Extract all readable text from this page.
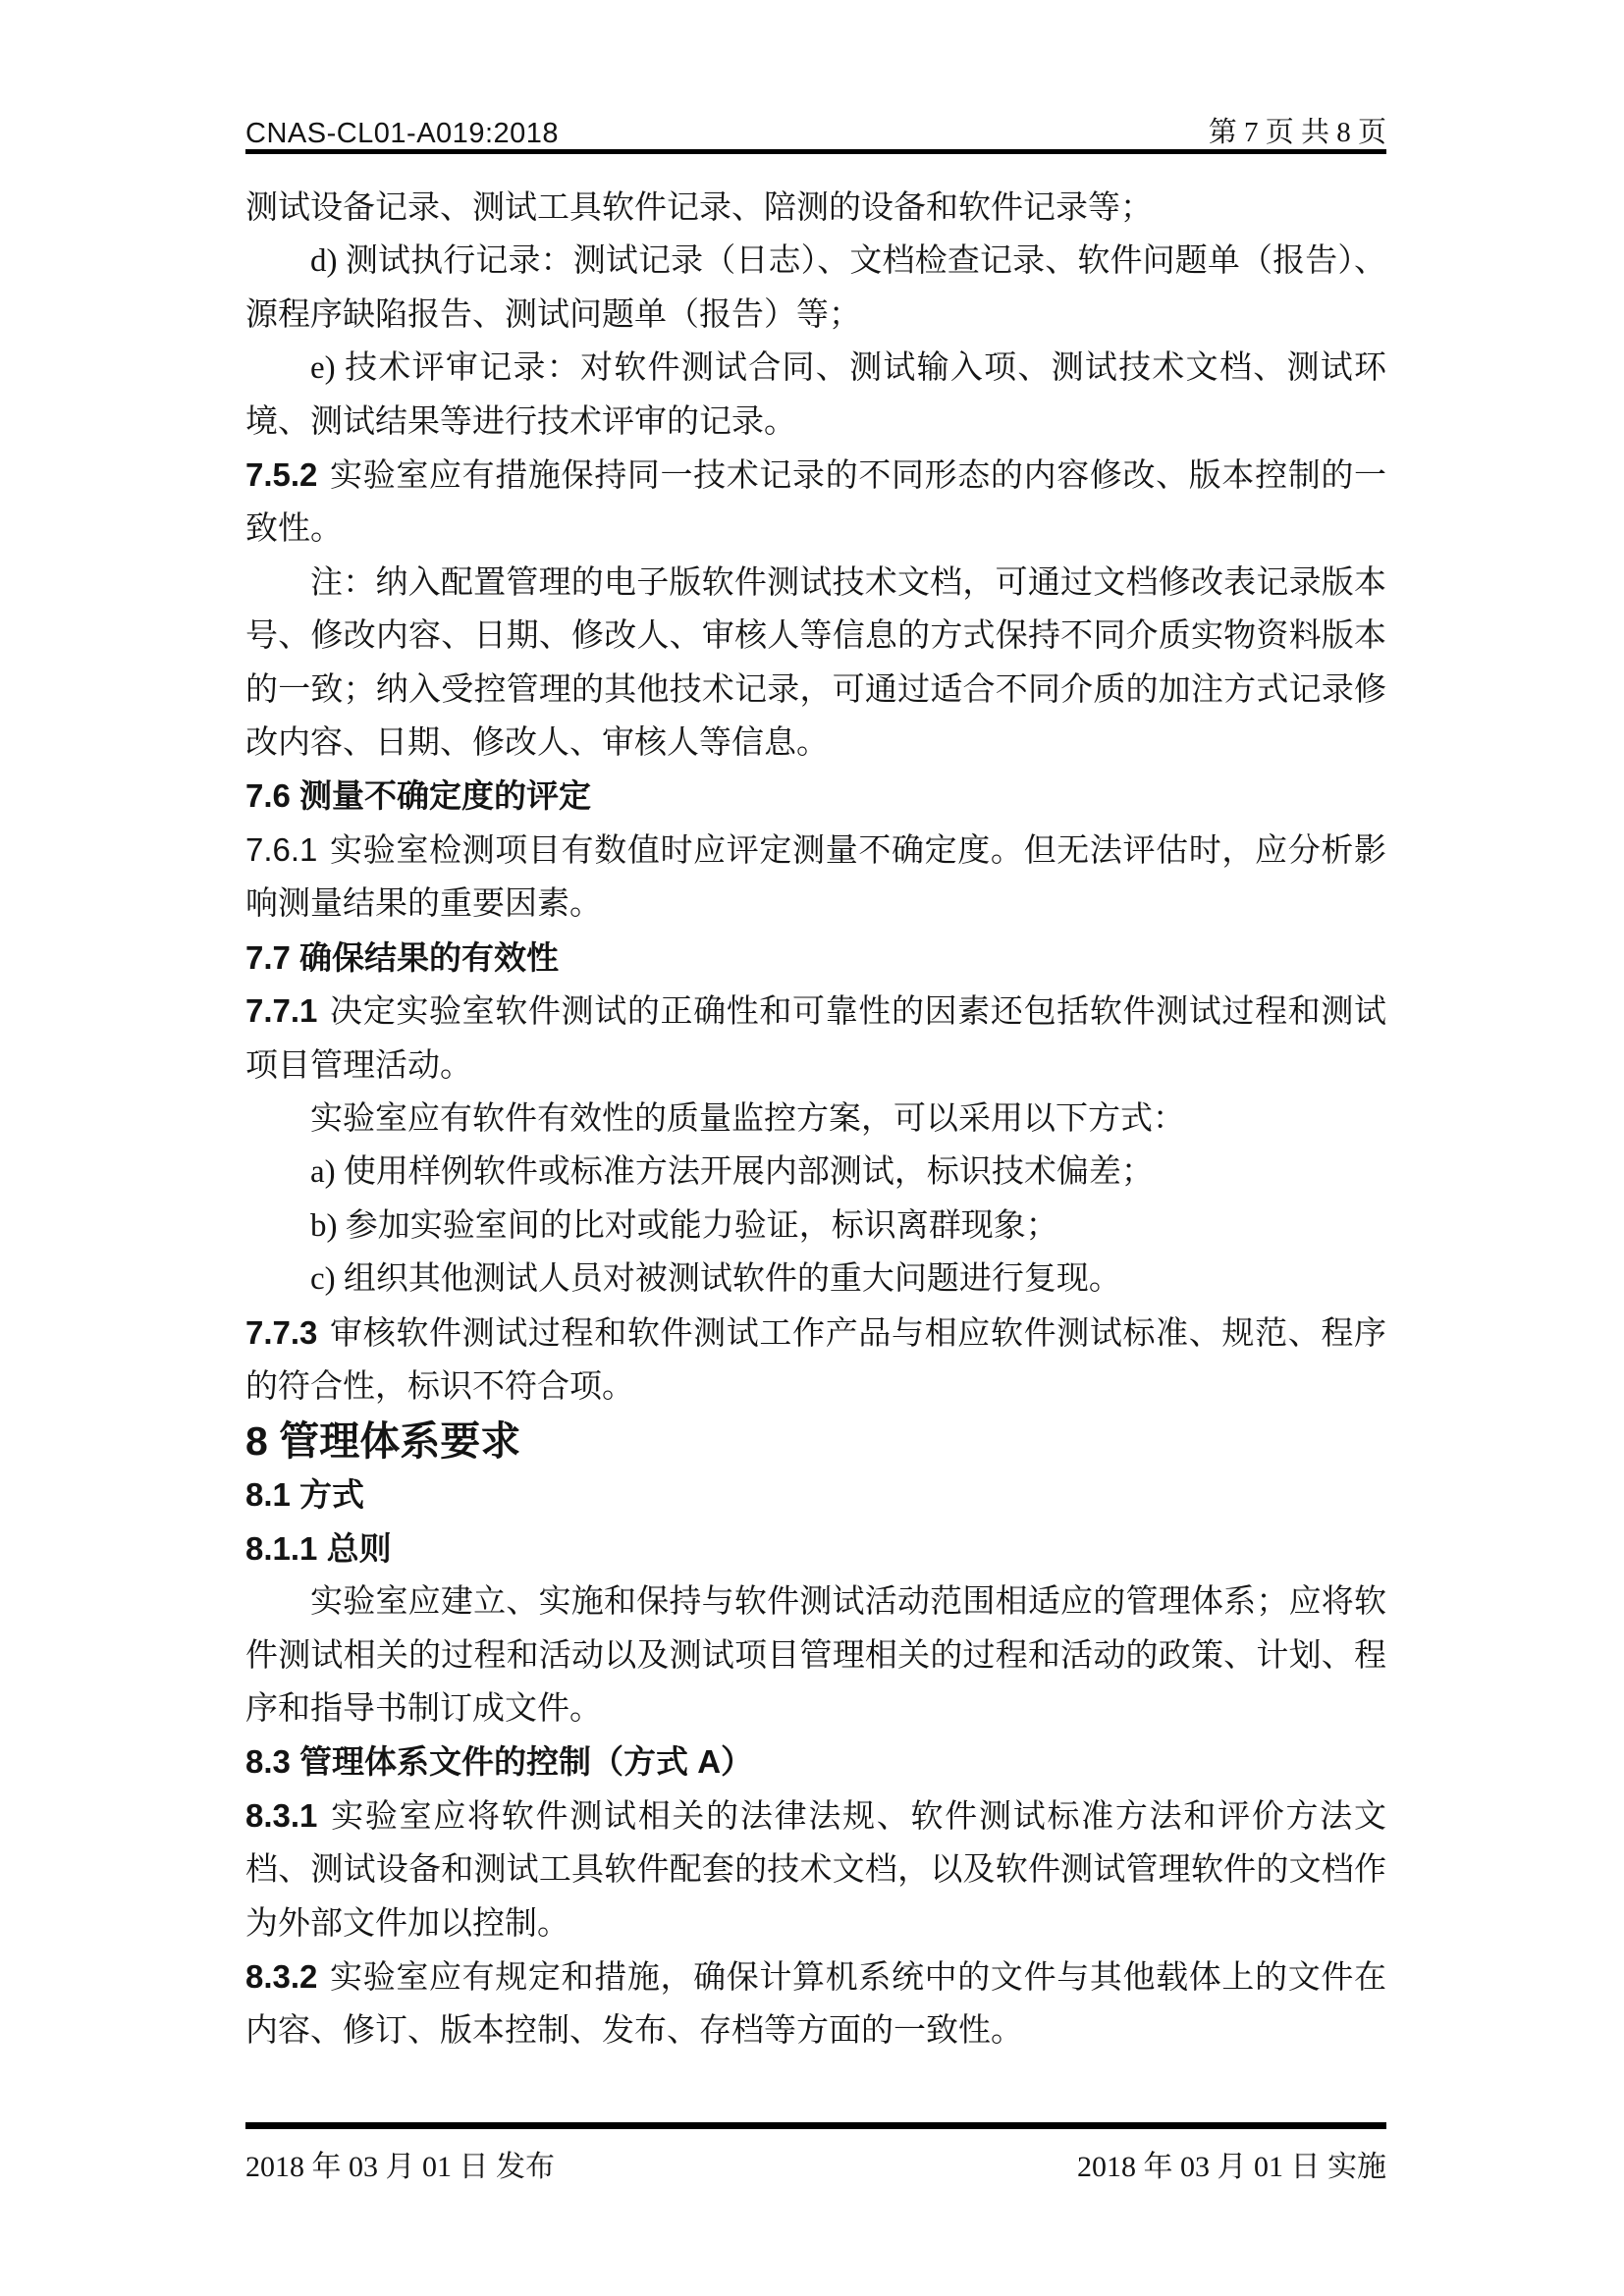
CNAS-CL01-A019:2018	第 7 页 共 8 页

测试设备记录、测试工具软件记录、陪测的设备和软件记录等；

d) 测试执行记录：测试记录（日志）、文档检查记录、软件问题单（报告）、源程序缺陷报告、测试问题单（报告）等；

e) 技术评审记录：对软件测试合同、测试输入项、测试技术文档、测试环境、测试结果等进行技术评审的记录。

7.5.2 实验室应有措施保持同一技术记录的不同形态的内容修改、版本控制的一致性。

注：纳入配置管理的电子版软件测试技术文档，可通过文档修改表记录版本号、修改内容、日期、修改人、审核人等信息的方式保持不同介质实物资料版本的一致；纳入受控管理的其他技术记录，可通过适合不同介质的加注方式记录修改内容、日期、修改人、审核人等信息。

7.6 测量不确定度的评定

7.6.1 实验室检测项目有数值时应评定测量不确定度。但无法评估时，应分析影响测量结果的重要因素。

7.7 确保结果的有效性

7.7.1 决定实验室软件测试的正确性和可靠性的因素还包括软件测试过程和测试项目管理活动。

实验室应有软件有效性的质量监控方案，可以采用以下方式：

a) 使用样例软件或标准方法开展内部测试，标识技术偏差；

b) 参加实验室间的比对或能力验证，标识离群现象；

c) 组织其他测试人员对被测试软件的重大问题进行复现。

7.7.3 审核软件测试过程和软件测试工作产品与相应软件测试标准、规范、程序的符合性，标识不符合项。

8 管理体系要求
8.1 方式
8.1.1 总则

实验室应建立、实施和保持与软件测试活动范围相适应的管理体系；应将软件测试相关的过程和活动以及测试项目管理相关的过程和活动的政策、计划、程序和指导书制订成文件。

8.3 管理体系文件的控制（方式 A）

8.3.1 实验室应将软件测试相关的法律法规、软件测试标准方法和评价方法文档、测试设备和测试工具软件配套的技术文档，以及软件测试管理软件的文档作为外部文件加以控制。

8.3.2 实验室应有规定和措施，确保计算机系统中的文件与其他载体上的文件在内容、修订、版本控制、发布、存档等方面的一致性。

2018 年 03 月 01 日 发布	2018 年 03 月 01 日 实施
